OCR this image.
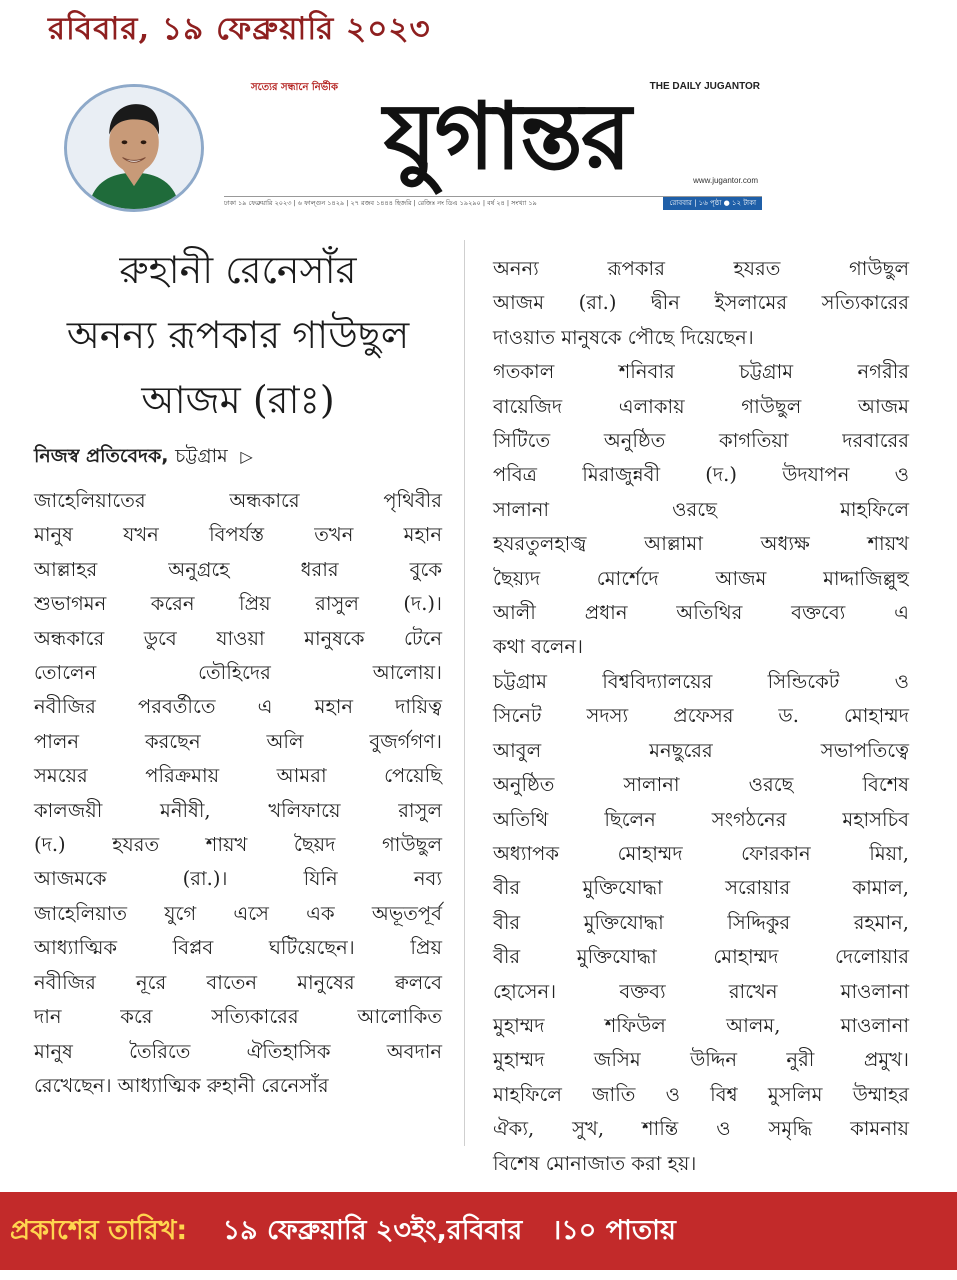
রবিবার, ১৯ ফেব্রুয়ারি ২০২৩
সত্যের সন্ধানে নির্ভীক	THE DAILY JUGANTOR
যুগান্তর	www.jugantor.com
ঢাকা ১৯ ফেব্রুয়ারি ২০২৩ | ৬ ফাল্গুন ১৪২৯ | ২৭ রজব ১৪৪৪ হিজরি | রেজিঃ নং ডিএ ১৯২৯০ | বর্ষ ২৪ | সংখ্যা ১৯	রোববার | ১৬ পৃষ্ঠা ● ১২ টাকা
রুহানী রেনেসাঁর
অনন্য রূপকার গাউছুল
আজম (রাঃ)
নিজস্ব প্রতিবেদক, চট্টগ্রাম ▷
জাহেলিয়াতের অন্ধকারে পৃথিবীর
মানুষ যখন বিপর্যস্ত তখন মহান
আল্লাহর অনুগ্রহে ধরার বুকে
শুভাগমন করেন প্রিয় রাসুল (দ.)।
অন্ধকারে ডুবে যাওয়া মানুষকে টেনে
তোলেন তৌহিদের আলোয়।
নবীজির পরবর্তীতে এ মহান দায়িত্ব
পালন করছেন অলি বুজর্গগণ।
সময়ের পরিক্রমায় আমরা পেয়েছি
কালজয়ী মনীষী, খলিফায়ে রাসুল
(দ.) হযরত শায়খ ছৈয়দ গাউছুল
আজমকে (রা.)। যিনি নব্য
জাহেলিয়াত যুগে এসে এক অভূতপূর্ব
আধ্যাত্মিক বিপ্লব ঘটিয়েছেন। প্রিয়
নবীজির নূরে বাতেন মানুষের ক্বলবে
দান করে সত্যিকারের আলোকিত
মানুষ তৈরিতে ঐতিহাসিক অবদান
রেখেছেন। আধ্যাত্মিক রুহানী রেনেসাঁর
অনন্য রূপকার হযরত গাউছুল
আজম (রা.) দ্বীন ইসলামের সত্যিকারের
দাওয়াত মানুষকে পৌছে দিয়েছেন।
গতকাল শনিবার চট্টগ্রাম নগরীর
বায়েজিদ এলাকায় গাউছুল আজম
সিটিতে অনুষ্ঠিত কাগতিয়া দরবারের
পবিত্র মিরাজুন্নবী (দ.) উদযাপন ও
সালানা ওরছে মাহফিলে
হযরতুলহাজ্ব আল্লামা অধ্যক্ষ শায়খ
ছৈয়্যদ মোর্শেদে আজম মাদ্দাজিল্লুহু
আলী প্রধান অতিথির বক্তব্যে এ
কথা বলেন।
চট্টগ্রাম বিশ্ববিদ্যালয়ের সিন্ডিকেট ও
সিনেট সদস্য প্রফেসর ড. মোহাম্মদ
আবুল মনছুরের সভাপতিত্বে
অনুষ্ঠিত সালানা ওরছে বিশেষ
অতিথি ছিলেন সংগঠনের মহাসচিব
অধ্যাপক মোহাম্মদ ফোরকান মিয়া,
বীর মুক্তিযোদ্ধা সরোয়ার কামাল,
বীর মুক্তিযোদ্ধা সিদ্দিকুর রহমান,
বীর মুক্তিযোদ্ধা মোহাম্মদ দেলোয়ার
হোসেন। বক্তব্য রাখেন মাওলানা
মুহাম্মদ শফিউল আলম, মাওলানা
মুহাম্মদ জসিম উদ্দিন নুরী প্রমুখ।
মাহফিলে জাতি ও বিশ্ব মুসলিম উম্মাহর
ঐক্য, সুখ, শান্তি ও সমৃদ্ধি কামনায়
বিশেষ মোনাজাত করা হয়।
প্রকাশের তারিখ: ১৯ ফেব্রুয়ারি ২৩ইং,রবিবার ।১০ পাতায়
